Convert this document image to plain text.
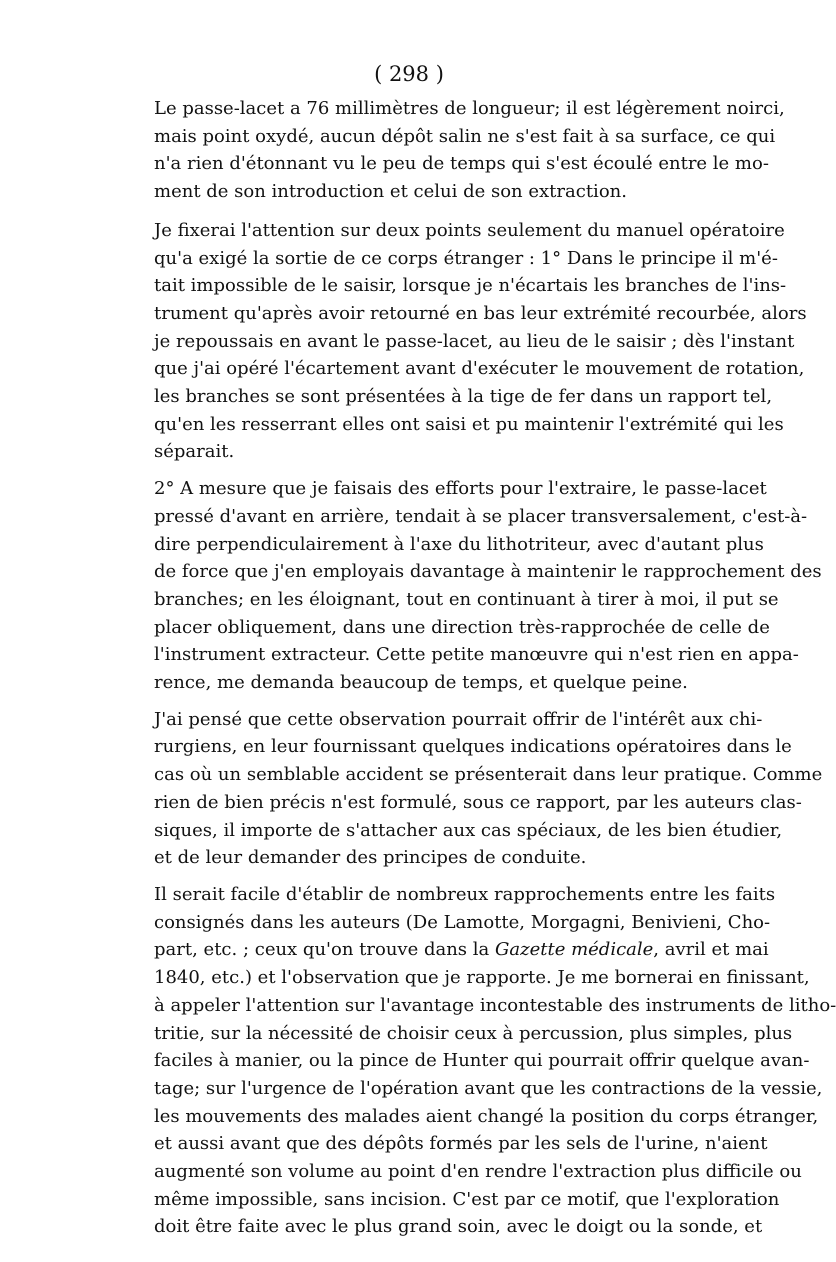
( 298 )

Le passe-lacet a 76 millimètres de longueur; il est légèrement noirci,
mais point oxydé, aucun dépôt salin ne s'est fait à sa surface, ce qui
n'a rien d'étonnant vu le peu de temps qui s'est écoulé entre le mo-
ment de son introduction et celui de son extraction.

Je fixerai l'attention sur deux points seulement du manuel opératoire
qu'a exigé la sortie de ce corps étranger : 1° Dans le principe il m'é-
tait impossible de le saisir, lorsque je n'écartais les branches de l'ins-
trument qu'après avoir retourné en bas leur extrémité recourbée, alors
je repoussais en avant le passe-lacet, au lieu de le saisir ; dès l'instant
que j'ai opéré l'écartement avant d'exécuter le mouvement de rotation,
les branches se sont présentées à la tige de fer dans un rapport tel,
qu'en les resserrant elles ont saisi et pu maintenir l'extrémité qui les
séparait.

2° A mesure que je faisais des efforts pour l'extraire, le passe-lacet
pressé d'avant en arrière, tendait à se placer transversalement, c'est-à-
dire perpendiculairement à l'axe du lithotriteur, avec d'autant plus
de force que j'en employais davantage à maintenir le rapprochement des
branches; en les éloignant, tout en continuant à tirer à moi, il put se
placer obliquement, dans une direction très-rapprochée de celle de
l'instrument extracteur. Cette petite manœuvre qui n'est rien en appa-
rence, me demanda beaucoup de temps, et quelque peine.

J'ai pensé que cette observation pourrait offrir de l'intérêt aux chi-
rurgiens, en leur fournissant quelques indications opératoires dans le
cas où un semblable accident se présenterait dans leur pratique. Comme
rien de bien précis n'est formulé, sous ce rapport, par les auteurs clas-
siques, il importe de s'attacher aux cas spéciaux, de les bien étudier,
et de leur demander des principes de conduite.

Il serait facile d'établir de nombreux rapprochements entre les faits
consignés dans les auteurs (De Lamotte, Morgagni, Benivieni, Cho-
part, etc. ; ceux qu'on trouve dans la Gazette médicale, avril et mai
1840, etc.) et l'observation que je rapporte. Je me bornerai en finissant,
à appeler l'attention sur l'avantage incontestable des instruments de litho-
tritie, sur la nécessité de choisir ceux à percussion, plus simples, plus
faciles à manier, ou la pince de Hunter qui pourrait offrir quelque avan-
tage; sur l'urgence de l'opération avant que les contractions de la vessie,
les mouvements des malades aient changé la position du corps étranger,
et aussi avant que des dépôts formés par les sels de l'urine, n'aient
augmenté son volume au point d'en rendre l'extraction plus difficile ou
même impossible, sans incision. C'est par ce motif, que l'exploration
doit être faite avec le plus grand soin, avec le doigt ou la sonde, et
